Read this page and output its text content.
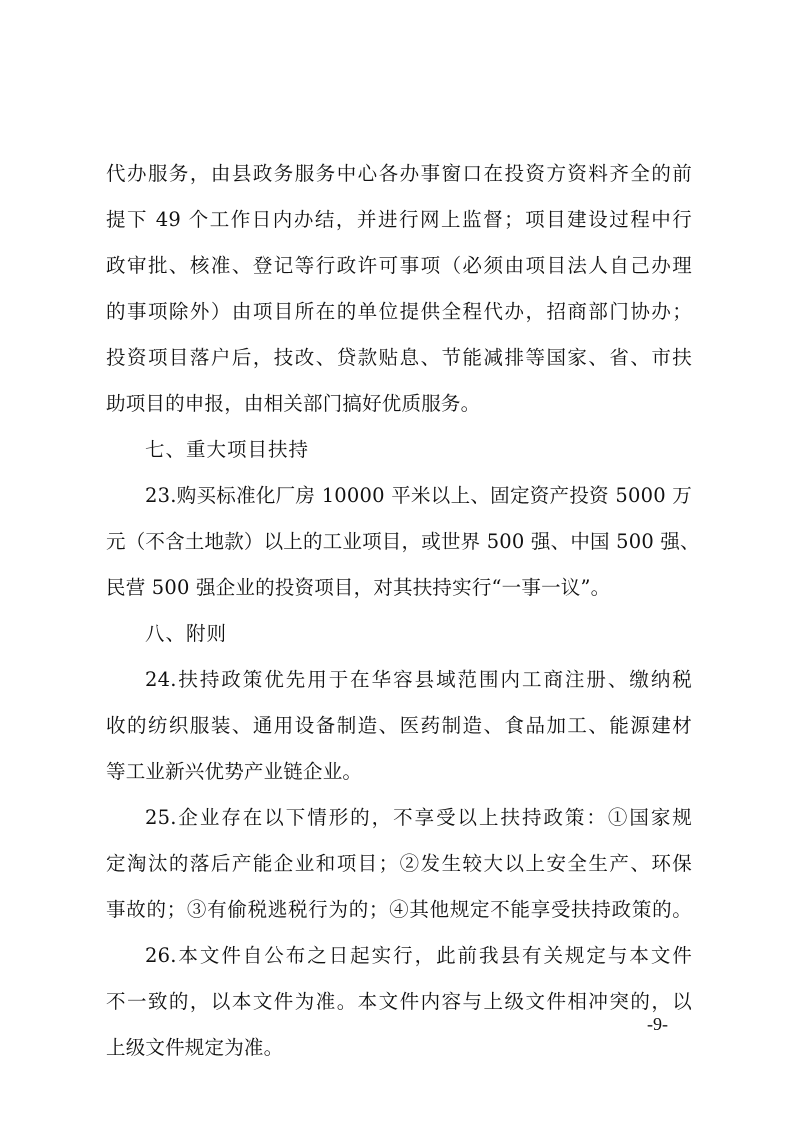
代办服务，由县政务服务中心各办事窗口在投资方资料齐全的前
提下 49 个工作日内办结，并进行网上监督；项目建设过程中行
政审批、核准、登记等行政许可事项（必须由项目法人自己办理
的事项除外）由项目所在的单位提供全程代办，招商部门协办；
投资项目落户后，技改、贷款贴息、节能减排等国家、省、市扶
助项目的申报，由相关部门搞好优质服务。
七、重大项目扶持
23.购买标准化厂房 10000 平米以上、固定资产投资 5000 万
元（不含土地款）以上的工业项目，或世界 500 强、中国 500 强、
民营 500 强企业的投资项目，对其扶持实行“一事一议”。
八、附则
24.扶持政策优先用于在华容县域范围内工商注册、缴纳税
收的纺织服装、通用设备制造、医药制造、食品加工、能源建材
等工业新兴优势产业链企业。
25.企业存在以下情形的，不享受以上扶持政策：①国家规
定淘汰的落后产能企业和项目；②发生较大以上安全生产、环保
事故的；③有偷税逃税行为的；④其他规定不能享受扶持政策的。
26.本文件自公布之日起实行，此前我县有关规定与本文件
不一致的，以本文件为准。本文件内容与上级文件相冲突的，以
上级文件规定为准。
-9-
